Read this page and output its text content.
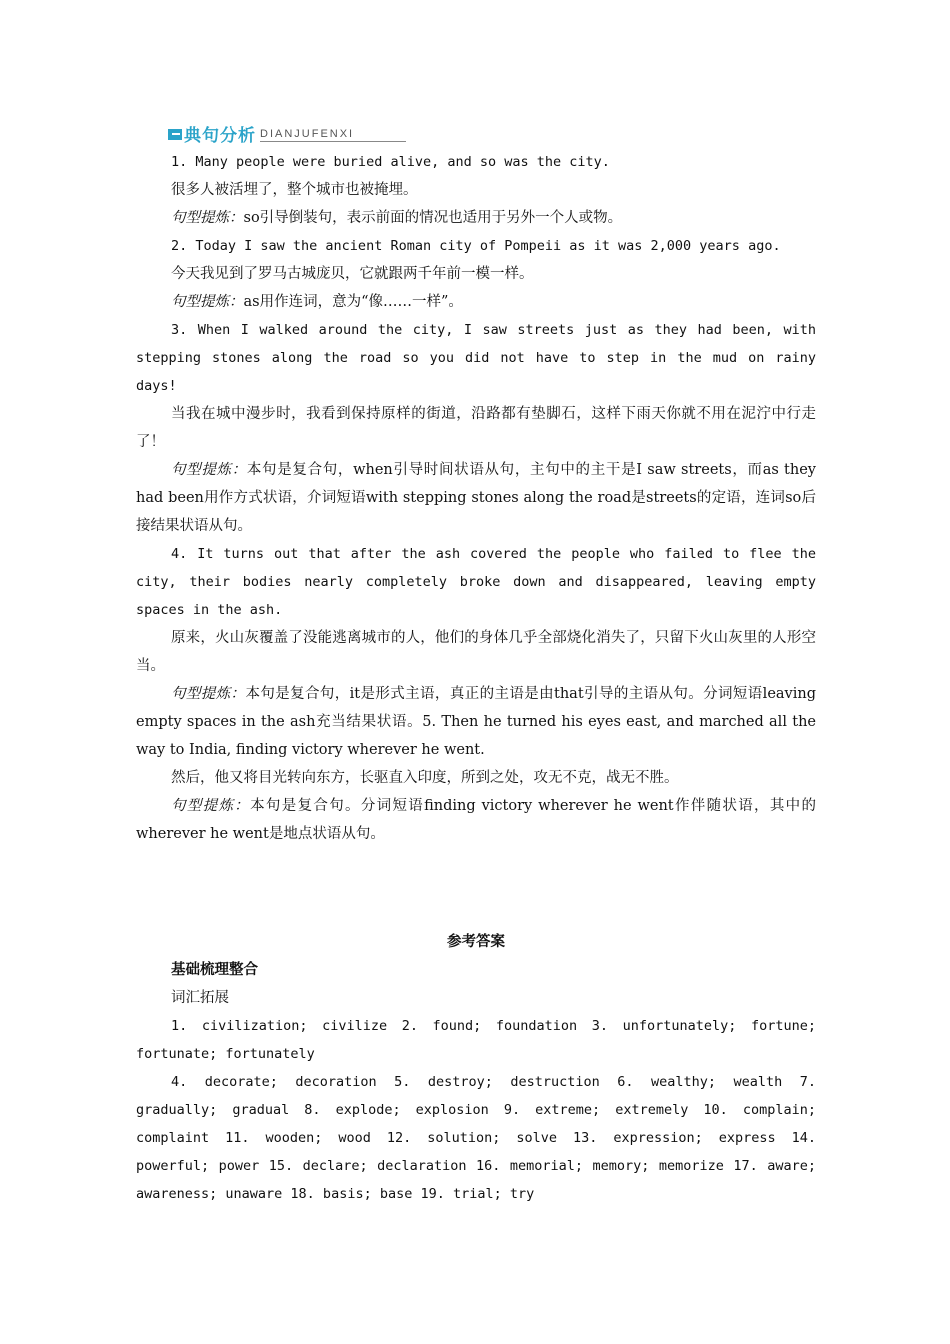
典句分析 DIANJUFENXI

1. Many people were buried alive, and so was the city.

很多人被活埋了，整个城市也被掩埋。

句型提炼：so引导倒装句，表示前面的情况也适用于另外一个人或物。

2. Today I saw the ancient Roman city of Pompeii as it was 2,000 years ago.

今天我见到了罗马古城庞贝，它就跟两千年前一模一样。

句型提炼：as用作连词，意为“像……一样”。

3. When I walked around the city, I saw streets just as they had been, with stepping stones along the road so you did not have to step in the mud on rainy days!

当我在城中漫步时，我看到保持原样的街道，沿路都有垫脚石，这样下雨天你就不用在泥泞中行走了！

句型提炼：本句是复合句，when引导时间状语从句，主句中的主干是I saw streets，而as they had been用作方式状语，介词短语with stepping stones along the road是streets的定语，连词so后接结果状语从句。

4. It turns out that after the ash covered the people who failed to flee the city, their bodies nearly completely broke down and disappeared, leaving empty spaces in the ash.

原来，火山灰覆盖了没能逃离城市的人，他们的身体几乎全部烧化消失了，只留下火山灰里的人形空当。

句型提炼：本句是复合句，it是形式主语，真正的主语是由that引导的主语从句。分词短语leaving empty spaces in the ash充当结果状语。5. Then he turned his eyes east, and marched all the way to India, finding victory wherever he went.

然后，他又将目光转向东方，长驱直入印度，所到之处，攻无不克，战无不胜。

句型提炼：本句是复合句。分词短语finding victory wherever he went作伴随状语，其中的wherever he went是地点状语从句。

参考答案

基础梳理整合

词汇拓展

1. civilization; civilize 2. found; foundation 3. unfortunately; fortune; fortunate; fortunately

4. decorate; decoration 5. destroy; destruction 6. wealthy; wealth 7. gradually; gradual 8. explode; explosion 9. extreme; extremely 10. complain; complaint 11. wooden; wood 12. solution; solve 13. expression; express 14. powerful; power 15. declare; declaration 16. memorial; memory; memorize 17. aware; awareness; unaware 18. basis; base 19. trial; try
